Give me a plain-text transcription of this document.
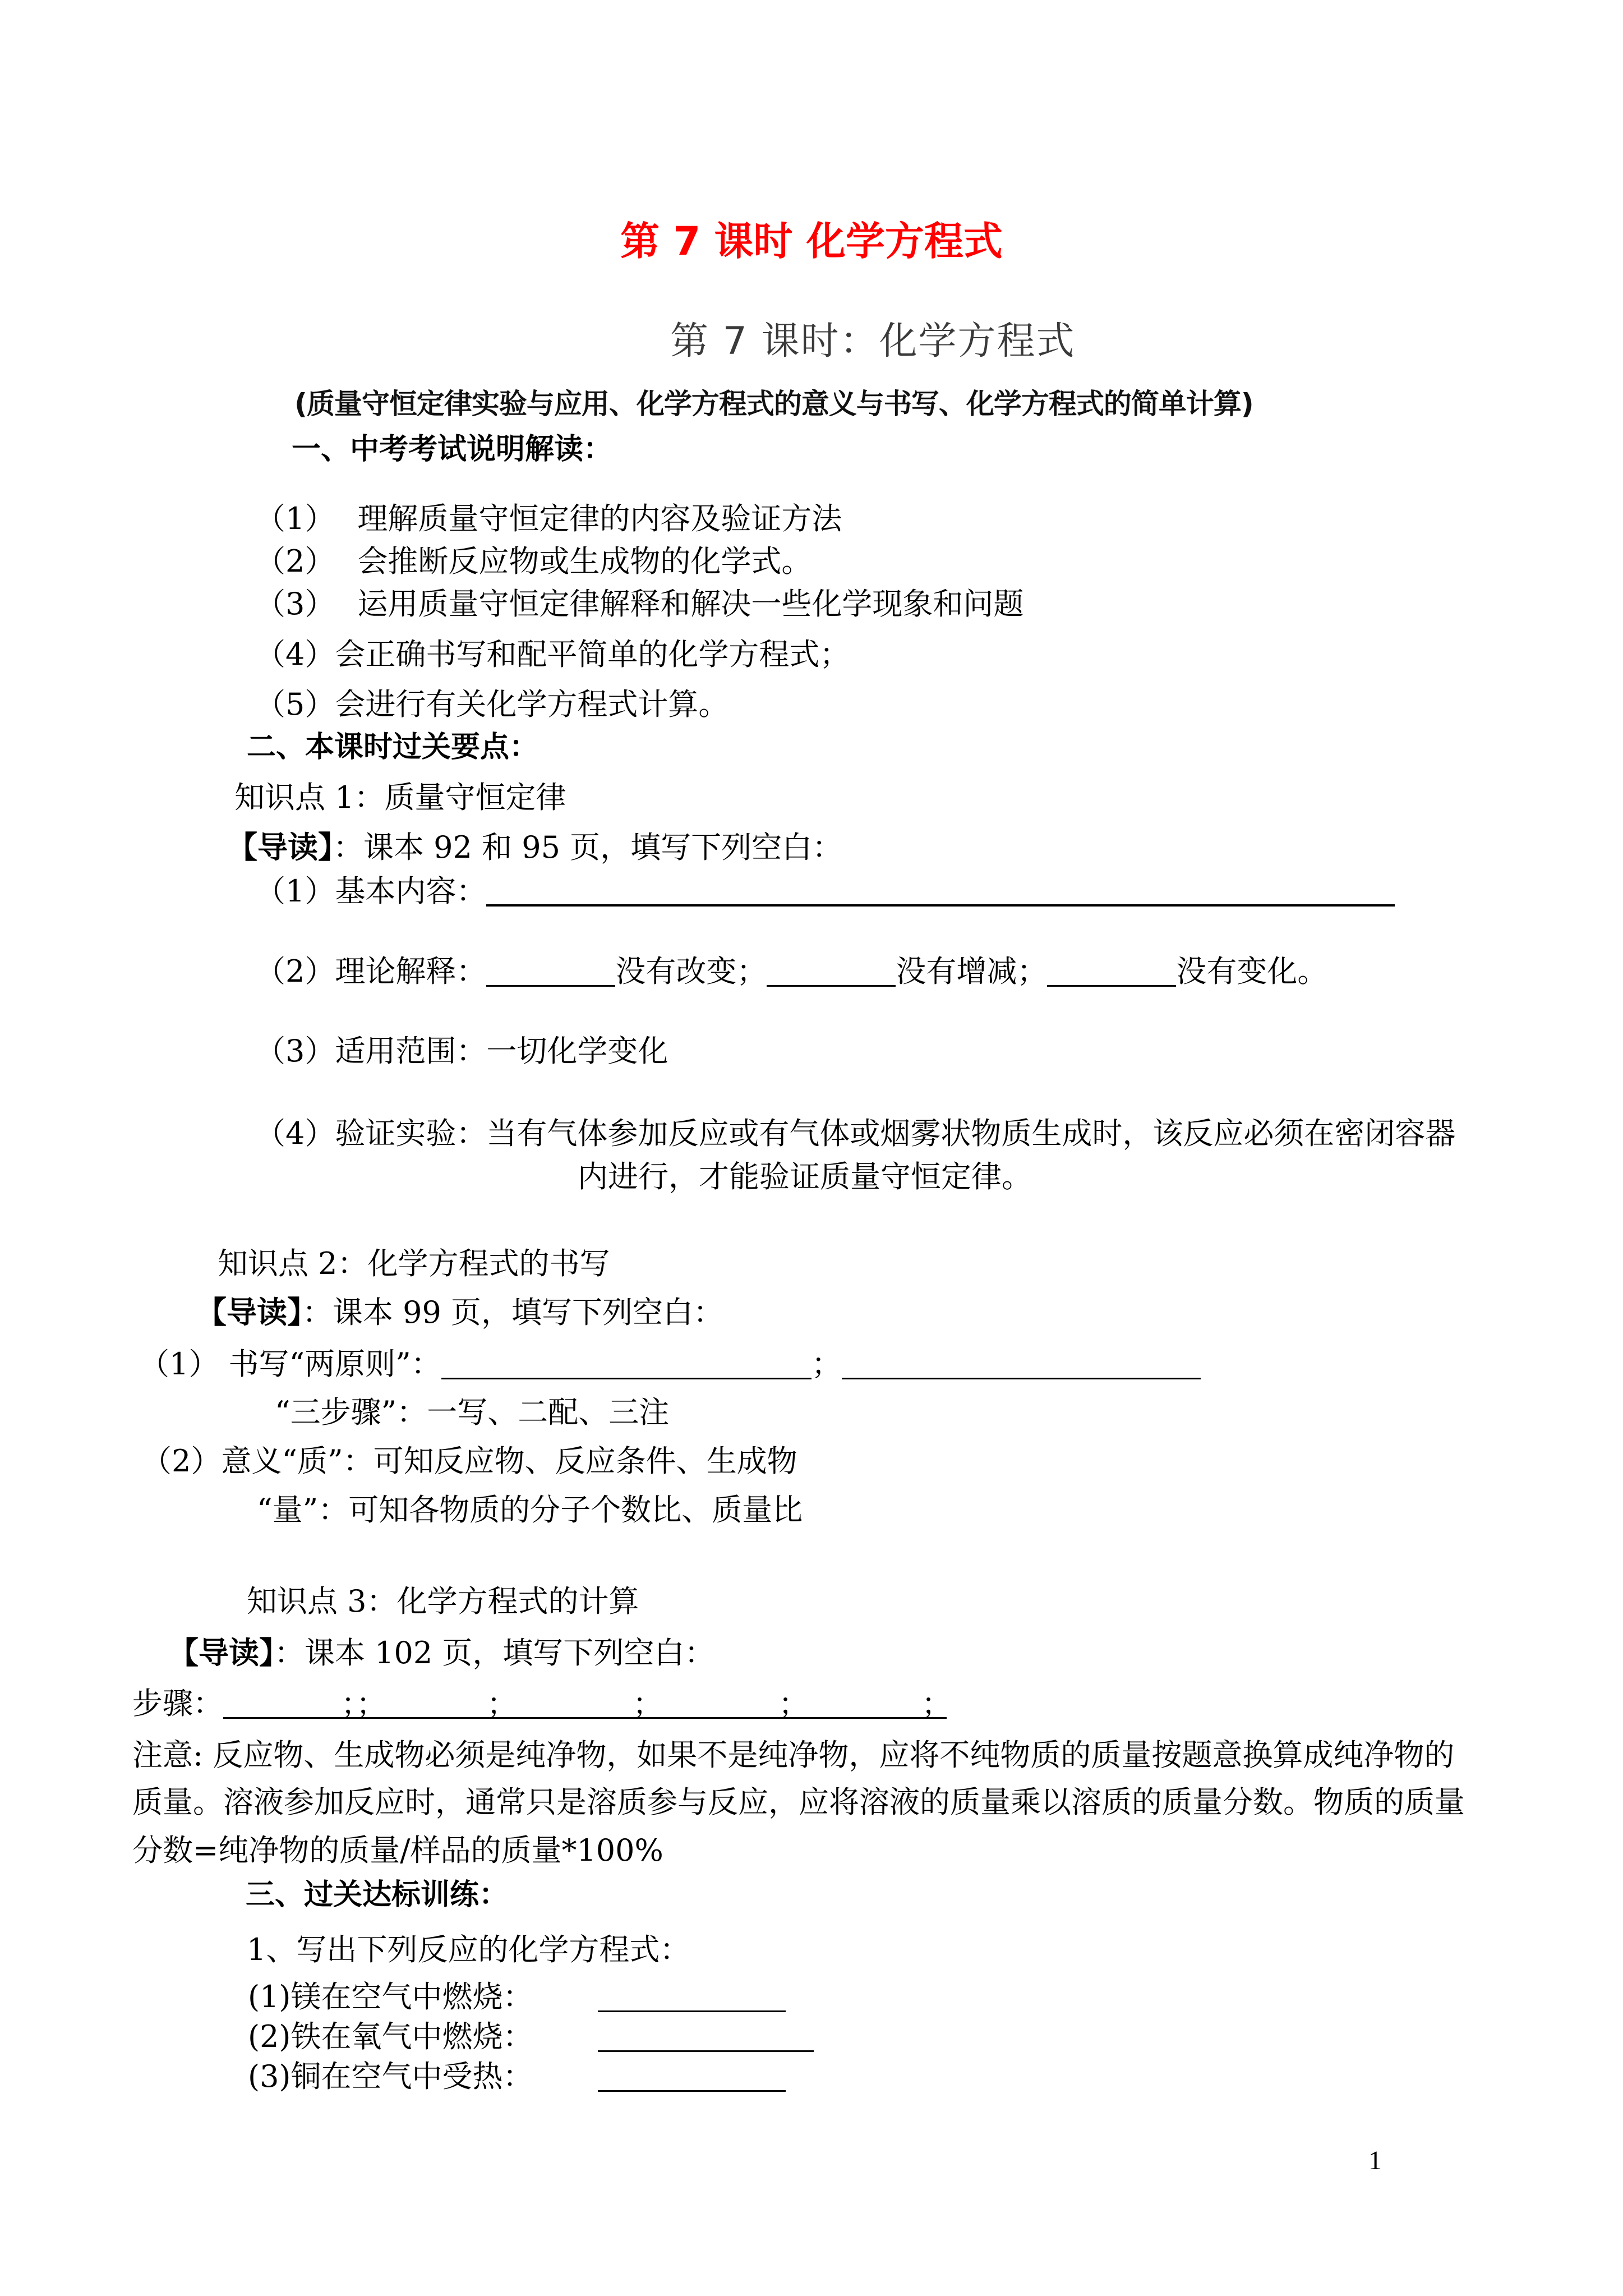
第 7 课时 化学方程式
第 7 课时：化学方程式
(质量守恒定律实验与应用、化学方程式的意义与书写、化学方程式的简单计算)
一、中考考试说明解读：
（1） 理解质量守恒定律的内容及验证方法
（2） 会推断反应物或生成物的化学式。
（3） 运用质量守恒定律解释和解决一些化学现象和问题
（4）会正确书写和配平简单的化学方程式；
（5）会进行有关化学方程式计算。
二、本课时过关要点：
知识点 1：质量守恒定律
【导读】：课本 92 和 95 页，填写下列空白：
（1）基本内容：
（2）理论解释：	没有改变；	没有增减；	没有变化。
（3）适用范围：一切化学变化
（4）验证实验：当有气体参加反应或有气体或烟雾状物质生成时，该反应必须在密闭容器
内进行，才能验证质量守恒定律。
知识点 2：化学方程式的书写
【导读】：课本 99 页，填写下列空白：
（1） 书写“两原则”：	；
“三步骤”：一写、二配、三注
（2）意义“质”：可知反应物、反应条件、生成物
“量”：可知各物质的分子个数比、质量比
知识点 3：化学方程式的计算
【导读】：课本 102 页，填写下列空白：
步骤：	；；	；	；	；	；
注意: 反应物、生成物必须是纯净物，如果不是纯净物，应将不纯物质的质量按题意换算成纯净物的
质量。溶液参加反应时，通常只是溶质参与反应，应将溶液的质量乘以溶质的质量分数。物质的质量
分数=纯净物的质量/样品的质量*100%
三、过关达标训练：
1、写出下列反应的化学方程式：
(1)镁在空气中燃烧：
(2)铁在氧气中燃烧：
(3)铜在空气中受热：
1
